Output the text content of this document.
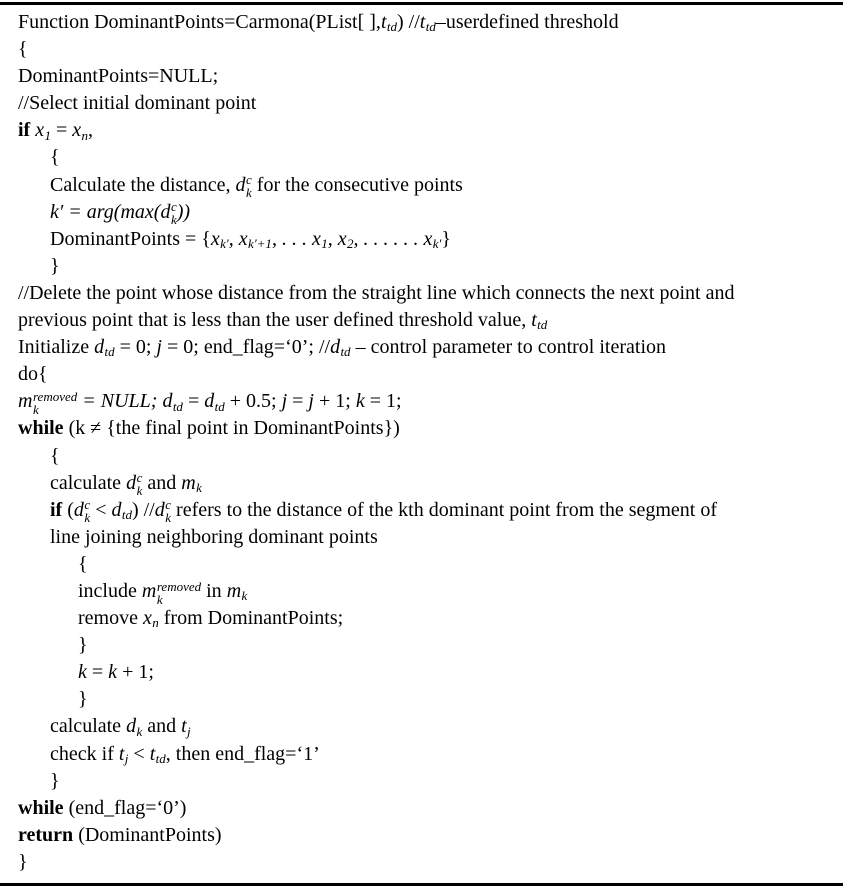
Function DominantPoints=Carmona(PList[ ]$,t_{td}$) $//t_{td}$–userdefined threshold
{
DominantPoints=NULL;
//Select initial dominant point
if $x_1 = x_n$,
{
Calculate the distance, d c
k for the consecutive points
k′ = arg(max(d c
k ))
DominantPoints = {$x_{k'}$, $x_{k'+1}$, . . . $x_1$, $x_2$, . . . . . . $x_{k'}$}
}
//Delete the point whose distance from the straight line which connects the next point and
previous point that is less than the user defined threshold value, $t_{td}$
Initialize $d_{td} = 0$; j = 0; end_flag=‘0’; $//d_{td}$ – control parameter to control iteration
do{
m removed
k	= NULL; $d_{td} = d_{td} + 0.5$; j = j + 1; k = 1;
while (k ≠ {the final point in DominantPoints})
{
calculate d c
k and $m_k$
if (d c
$k < d_{td}$) //d c
k refers to the distance of the kth dominant point from the segment of
line joining neighboring dominant points
{
include m removed
k	in $m_k$
remove $x_n$ from DominantPoints;
}
k = k + 1;
}
calculate $d_k$ and $t_j$
check if $t_j < t_{td}$, then end_flag=‘1’
}
while (end_flag=‘0’)
return (DominantPoints)
}
